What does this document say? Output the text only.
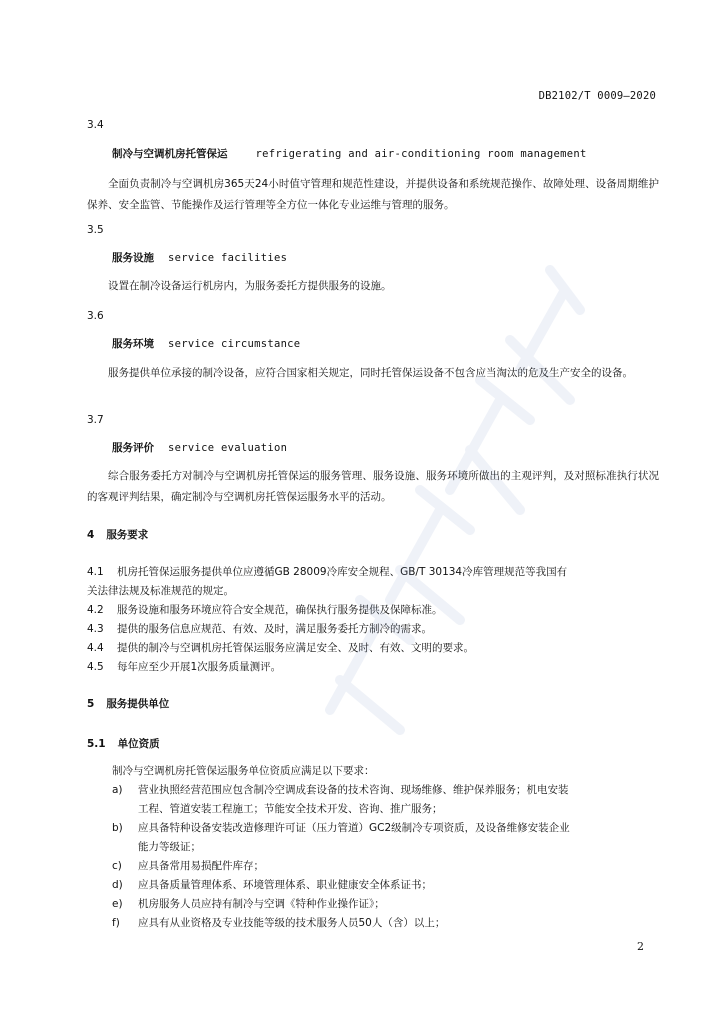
DB2102/T 0009—2020
3.4
制冷与空调机房托管保运	refrigerating and air-conditioning room management
全面负责制冷与空调机房365天24小时值守管理和规范性建设，并提供设备和系统规范操作、故障处理、设备周期维护保养、安全监管、节能操作及运行管理等全方位一体化专业运维与管理的服务。
3.5
服务设施 service facilities
设置在制冷设备运行机房内，为服务委托方提供服务的设施。
3.6
服务环境 service circumstance
服务提供单位承接的制冷设备，应符合国家相关规定，同时托管保运设备不包含应当淘汰的危及生产安全的设备。
3.7
服务评价 service evaluation
综合服务委托方对制冷与空调机房托管保运的服务管理、服务设施、服务环境所做出的主观评判，及对照标准执行状况的客观评判结果，确定制冷与空调机房托管保运服务水平的活动。
4 服务要求
4.1 机房托管保运服务提供单位应遵循GB 28009冷库安全规程、GB/T 30134冷库管理规范等我国有
关法律法规及标准规范的规定。
4.2 服务设施和服务环境应符合安全规范，确保执行服务提供及保障标准。
4.3 提供的服务信息应规范、有效、及时，满足服务委托方制冷的需求。
4.4 提供的制冷与空调机房托管保运服务应满足安全、及时、有效、文明的要求。
4.5 每年应至少开展1次服务质量测评。
5 服务提供单位
5.1 单位资质
制冷与空调机房托管保运服务单位资质应满足以下要求：
a) 营业执照经营范围应包含制冷空调成套设备的技术咨询、现场维修、维护保养服务；机电安装
工程、管道安装工程施工；节能安全技术开发、咨询、推广服务；
b) 应具备特种设备安装改造修理许可证（压力管道）GC2级制冷专项资质，及设备维修安装企业
能力等级证；
c) 应具备常用易损配件库存；
d) 应具备质量管理体系、环境管理体系、职业健康安全体系证书；
e) 机房服务人员应持有制冷与空调《特种作业操作证》；
f) 应具有从业资格及专业技能等级的技术服务人员50人（含）以上；
2
